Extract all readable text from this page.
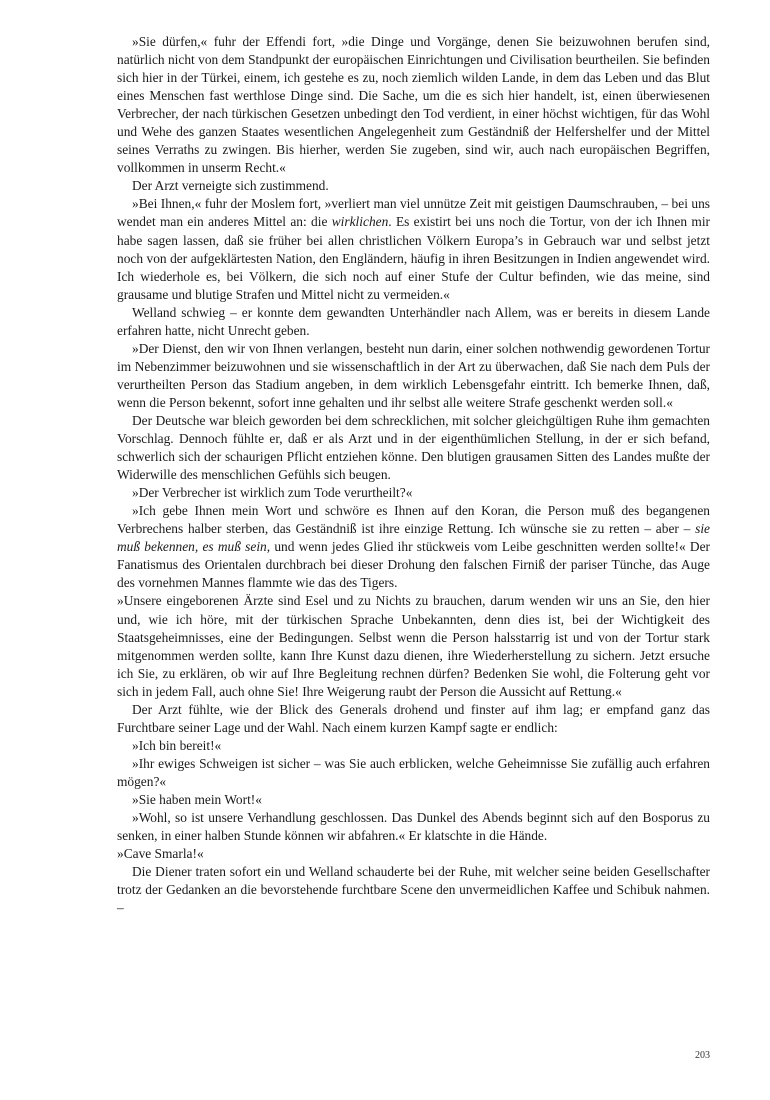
»Sie dürfen,« fuhr der Effendi fort, »die Dinge und Vorgänge, denen Sie beizuwohnen berufen sind, natürlich nicht von dem Standpunkt der europäischen Einrichtungen und Civilisation beurtheilen. Sie befinden sich hier in der Türkei, einem, ich gestehe es zu, noch ziemlich wilden Lande, in dem das Leben und das Blut eines Menschen fast werthlose Dinge sind. Die Sache, um die es sich hier handelt, ist, einen überwiesenen Verbrecher, der nach türkischen Gesetzen unbedingt den Tod verdient, in einer höchst wichtigen, für das Wohl und Wehe des ganzen Staates wesentlichen Angelegenheit zum Geständniß der Helfershelfer und der Mittel seines Verraths zu zwingen. Bis hierher, werden Sie zugeben, sind wir, auch nach europäischen Begriffen, vollkommen in unserm Recht.«

Der Arzt verneigte sich zustimmend.

»Bei Ihnen,« fuhr der Moslem fort, »verliert man viel unnütze Zeit mit geistigen Daumschrauben, – bei uns wendet man ein anderes Mittel an: die wirklichen. Es existirt bei uns noch die Tortur, von der ich Ihnen mir habe sagen lassen, daß sie früher bei allen christlichen Völkern Europa’s in Gebrauch war und selbst jetzt noch von der aufgeklärtesten Nation, den Engländern, häufig in ihren Besitzungen in Indien angewendet wird. Ich wiederhole es, bei Völkern, die sich noch auf einer Stufe der Cultur befinden, wie das meine, sind grausame und blutige Strafen und Mittel nicht zu vermeiden.«

Welland schwieg – er konnte dem gewandten Unterhändler nach Allem, was er bereits in diesem Lande erfahren hatte, nicht Unrecht geben.

»Der Dienst, den wir von Ihnen verlangen, besteht nun darin, einer solchen nothwendig gewordenen Tortur im Nebenzimmer beizuwohnen und sie wissenschaftlich in der Art zu überwachen, daß Sie nach dem Puls der verurtheilten Person das Stadium angeben, in dem wirklich Lebensgefahr eintritt. Ich bemerke Ihnen, daß, wenn die Person bekennt, sofort inne gehalten und ihr selbst alle weitere Strafe geschenkt werden soll.«

Der Deutsche war bleich geworden bei dem schrecklichen, mit solcher gleichgültigen Ruhe ihm gemachten Vorschlag. Dennoch fühlte er, daß er als Arzt und in der eigenthümlichen Stellung, in der er sich befand, schwerlich sich der schaurigen Pflicht entziehen könne. Den blutigen grausamen Sitten des Landes mußte der Widerwille des menschlichen Gefühls sich beugen.

»Der Verbrecher ist wirklich zum Tode verurtheilt?«

»Ich gebe Ihnen mein Wort und schwöre es Ihnen auf den Koran, die Person muß des begangenen Verbrechens halber sterben, das Geständniß ist ihre einzige Rettung. Ich wünsche sie zu retten – aber – sie muß bekennen, es muß sein, und wenn jedes Glied ihr stückweis vom Leibe geschnitten werden sollte!« Der Fanatismus des Orientalen durchbrach bei dieser Drohung den falschen Firniß der pariser Tünche, das Auge des vornehmen Mannes flammte wie das des Tigers.

»Unsere eingeborenen Ärzte sind Esel und zu Nichts zu brauchen, darum wenden wir uns an Sie, den hier und, wie ich höre, mit der türkischen Sprache Unbekannten, denn dies ist, bei der Wichtigkeit des Staatsgeheimnisses, eine der Bedingungen. Selbst wenn die Person halsstarrig ist und von der Tortur stark mitgenommen werden sollte, kann Ihre Kunst dazu dienen, ihre Wiederherstellung zu sichern. Jetzt ersuche ich Sie, zu erklären, ob wir auf Ihre Begleitung rechnen dürfen? Bedenken Sie wohl, die Folterung geht vor sich in jedem Fall, auch ohne Sie! Ihre Weigerung raubt der Person die Aussicht auf Rettung.«

Der Arzt fühlte, wie der Blick des Generals drohend und finster auf ihm lag; er empfand ganz das Furchtbare seiner Lage und der Wahl. Nach einem kurzen Kampf sagte er endlich:

»Ich bin bereit!«

»Ihr ewiges Schweigen ist sicher – was Sie auch erblicken, welche Geheimnisse Sie zufällig auch erfahren mögen?«

»Sie haben mein Wort!«

»Wohl, so ist unsere Verhandlung geschlossen. Das Dunkel des Abends beginnt sich auf den Bosporus zu senken, in einer halben Stunde können wir abfahren.« Er klatschte in die Hände.

»Cave Smarla!«

Die Diener traten sofort ein und Welland schauderte bei der Ruhe, mit welcher seine beiden Gesellschafter trotz der Gedanken an die bevorstehende furchtbare Scene den unvermeidlichen Kaffee und Schibuk nahmen. –

203
